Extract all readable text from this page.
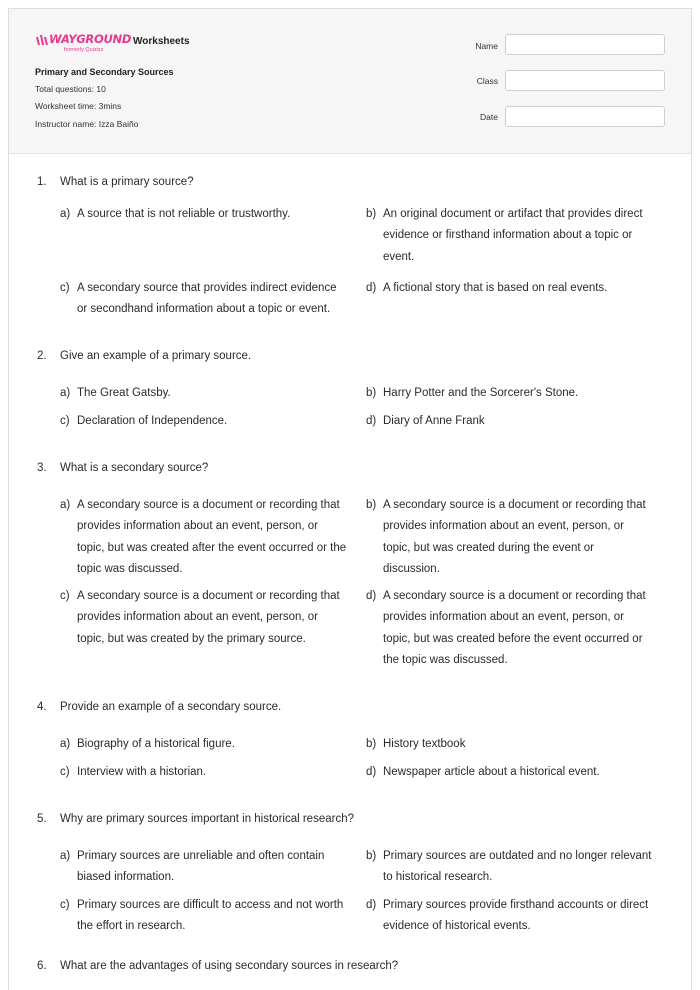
WAYGROUND
formerly Quizizz
Worksheets
Primary and Secondary Sources
Total questions: 10
Worksheet time: 3mins
Instructor name: Izza Baiño
Name
Class
Date
1. What is a primary source?
a) A source that is not reliable or trustworthy.	b) An original document or artifact that provides direct
evidence or firsthand information about a topic or
event.
c) A secondary source that provides indirect evidence
or secondhand information about a topic or event.
d) A fictional story that is based on real events.
2. Give an example of a primary source.
a) The Great Gatsby.	b) Harry Potter and the Sorcerer's Stone.
c) Declaration of Independence.	d) Diary of Anne Frank
3. What is a secondary source?
a) A secondary source is a document or recording that
provides information about an event, person, or
topic, but was created after the event occurred or the
topic was discussed.
b) A secondary source is a document or recording that
provides information about an event, person, or
topic, but was created during the event or
discussion.
c) A secondary source is a document or recording that
provides information about an event, person, or
topic, but was created by the primary source.
d) A secondary source is a document or recording that
provides information about an event, person, or
topic, but was created before the event occurred or
the topic was discussed.
4. Provide an example of a secondary source.
a) Biography of a historical figure.	b) History textbook
c) Interview with a historian.	d) Newspaper article about a historical event.
5. Why are primary sources important in historical research?
a) Primary sources are unreliable and often contain
biased information.
b) Primary sources are outdated and no longer relevant
to historical research.
c) Primary sources are difficult to access and not worth
the effort in research.
d) Primary sources provide firsthand accounts or direct
evidence of historical events.
6. What are the advantages of using secondary sources in research?
